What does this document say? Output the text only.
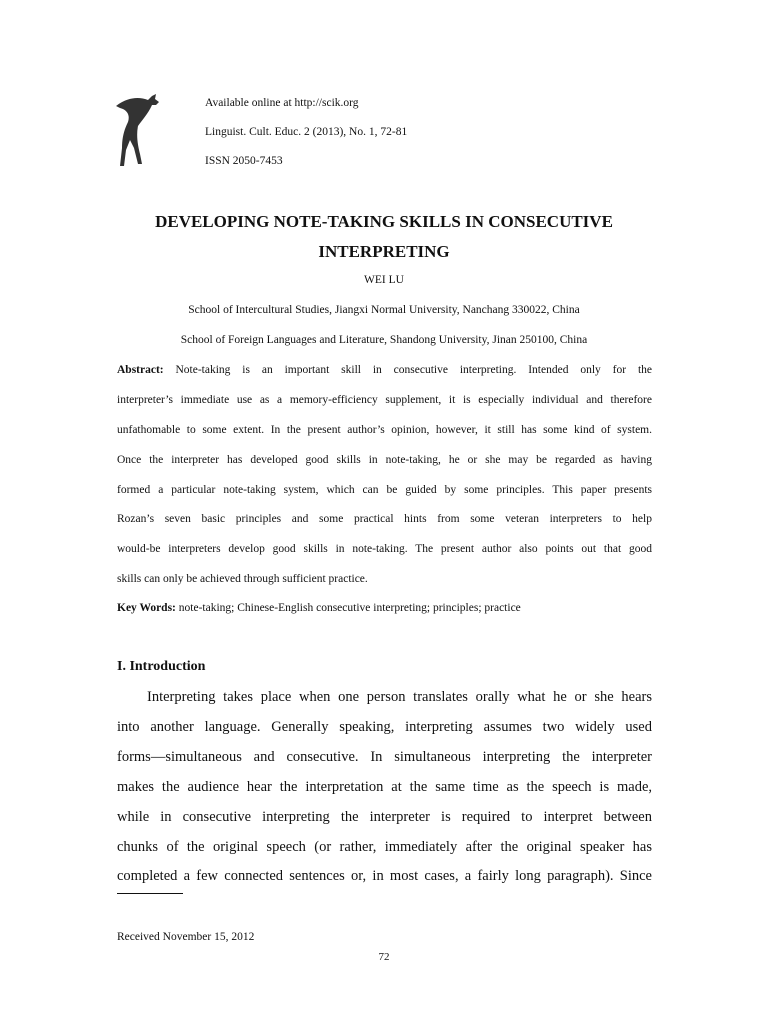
Available online at http://scik.org
Linguist. Cult. Educ. 2 (2013), No. 1, 72-81
ISSN 2050-7453
DEVELOPING NOTE-TAKING SKILLS IN CONSECUTIVE
INTERPRETING
WEI LU
School of Intercultural Studies, Jiangxi Normal University, Nanchang 330022, China
School of Foreign Languages and Literature, Shandong University, Jinan 250100, China
Abstract: Note-taking is an important skill in consecutive interpreting. Intended only for the
interpreter’s immediate use as a memory-efficiency supplement, it is especially individual and therefore
unfathomable to some extent. In the present author’s opinion, however, it still has some kind of system.
Once the interpreter has developed good skills in note-taking, he or she may be regarded as having
formed a particular note-taking system, which can be guided by some principles. This paper presents
Rozan’s seven basic principles and some practical hints from some veteran interpreters to help
would-be interpreters develop good skills in note-taking. The present author also points out that good
skills can only be achieved through sufficient practice.
Key Words: note-taking; Chinese-English consecutive interpreting; principles; practice
I. Introduction
Interpreting takes place when one person translates orally what he or she hears
into another language. Generally speaking, interpreting assumes two widely used
forms—simultaneous and consecutive. In simultaneous interpreting the interpreter
makes the audience hear the interpretation at the same time as the speech is made,
while in consecutive interpreting the interpreter is required to interpret between
chunks of the original speech (or rather, immediately after the original speaker has
completed a few connected sentences or, in most cases, a fairly long paragraph). Since
Received November 15, 2012
72
